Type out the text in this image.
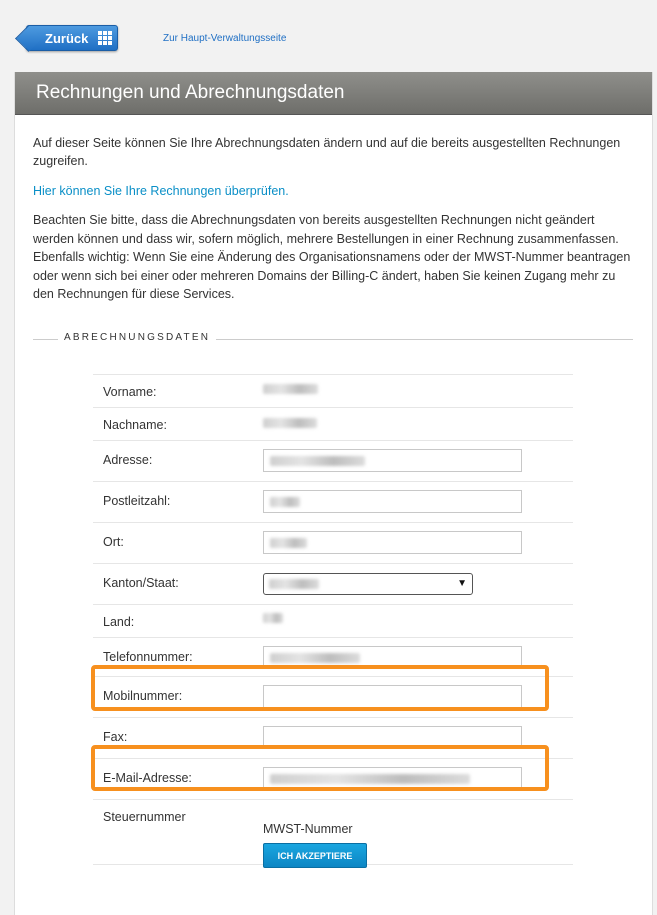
Zurück	Zur Haupt-Verwaltungsseite
Rechnungen und Abrechnungsdaten

Auf dieser Seite können Sie Ihre Abrechnungsdaten ändern und auf die bereits ausgestellten Rechnungen zugreifen.

Hier können Sie Ihre Rechnungen überprüfen.

Beachten Sie bitte, dass die Abrechnungsdaten von bereits ausgestellten Rechnungen nicht geändert werden können und dass wir, sofern möglich, mehrere Bestellungen in einer Rechnung zusammenfassen. Ebenfalls wichtig: Wenn Sie eine Änderung des Organisationsnamens oder der MWST-Nummer beantragen oder wenn sich bei einer oder mehreren Domains der Billing-C ändert, haben Sie keinen Zugang mehr zu den Rechnungen für diese Services.

ABRECHNUNGSDATEN
Vorname:
Nachname:
Adresse:
Postleitzahl:
Ort:
Kanton/Staat:	▼
Land:
Telefonnummer:
Mobilnummer:
Fax:
E-Mail-Adresse:
Steuernummer
MWST-Nummer
ICH AKZEPTIERE
